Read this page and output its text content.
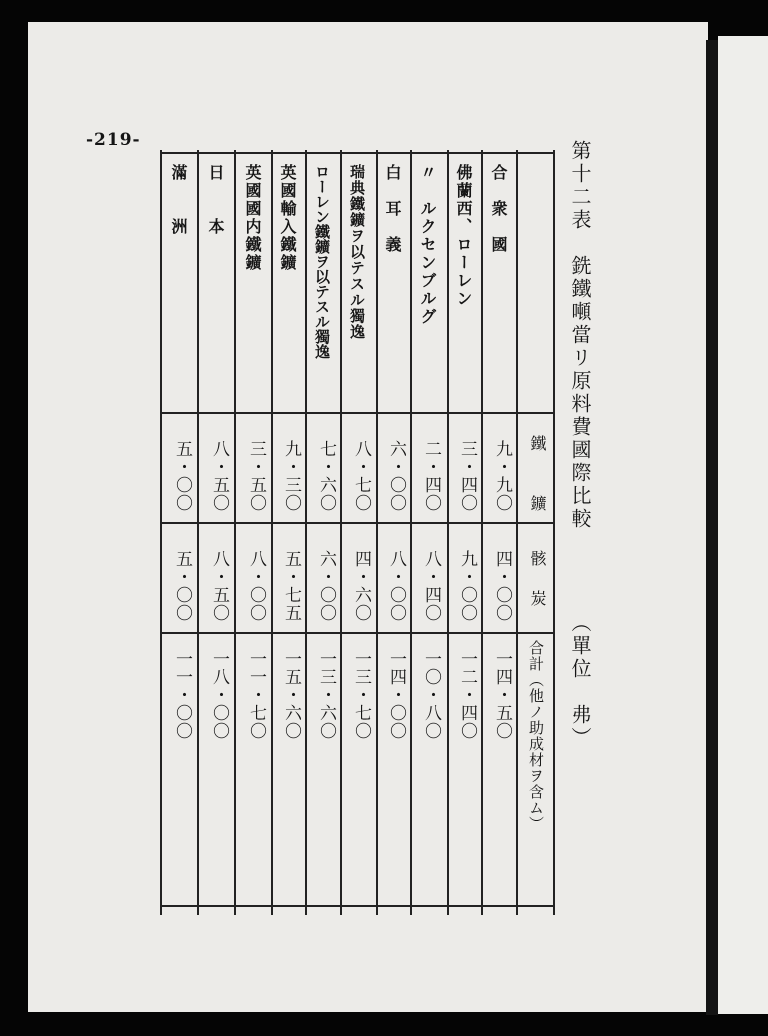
-219-	第十二表　銑鐵噸當リ原料費國際比較
（單位　弗）
鐵　　鑛
骸　炭
合計（他ノ助成材ヲ含ム）
合　衆　國
九・九〇
四・〇〇
一四・五〇
佛蘭西、ローレン
三・四〇
九・〇〇
一二・四〇
〃　ルクセンブルグ
二・四〇
八・四〇
一〇・八〇
白　耳　義
六・〇〇
八・〇〇
一四・〇〇
瑞典鐵鑛ヲ以テスル獨逸
八・七〇
四・六〇
一三・七〇
ローレン鐵鑛ヲ以テスル獨逸
七・六〇
六・〇〇
一三・六〇
英國輸入鐵鑛
九・三〇
五・七五
一五・六〇
英國國内鐵鑛
三・五〇
八・〇〇
一一・七〇
日　　本
八・五〇
八・五〇
一八・〇〇
滿　　洲
五・〇〇
五・〇〇
一一・〇〇
